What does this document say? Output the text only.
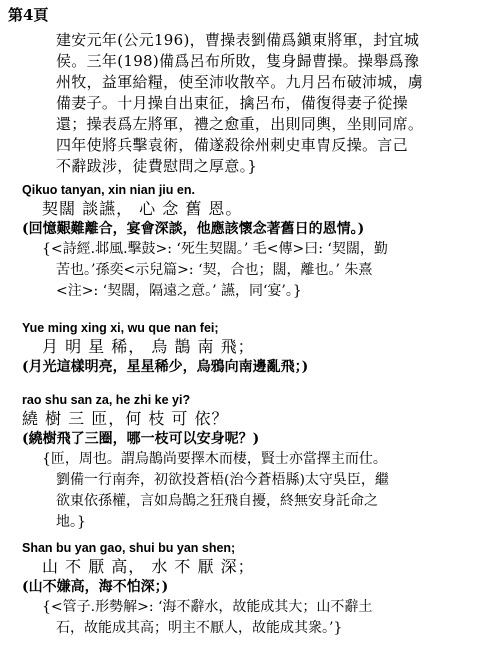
第4頁
建安元年(公元196)，曹操表劉備爲鎭東將軍，封宜城
侯。三年(198)備爲呂布所敗，隻身歸曹操。操舉爲豫
州牧，益軍給糧，使至沛收散卒。九月呂布破沛城，虜
備妻子。十月操自出東征，擒呂布，備復得妻子從操
還；操表爲左將軍，禮之愈重，出則同輿，坐則同席。
四年使將兵擊袁術，備遂殺徐州刺史車冑反操。言己
不辭跋涉，徒費慰問之厚意。}
Qikuo tanyan, xin nian jiu en.
契闊 談讌， 心 念 舊 恩。
(回憶艱難離合，宴會深談，他應該懷念著舊日的恩情。)
{<詩經.邶風.擊鼓>: ‘死生契闊。’ 毛<傳>曰: ‘契闊，勤
苦也。’孫奕<示兒篇>: ‘契，合也；闊，離也。’ 朱熹
<注>: ‘契闊，隔遠之意。’ 讌，同‘宴’。}
Yue ming xing xi, wu que nan fei;
月 明 星 稀， 烏 鵲 南 飛；
(月光這樣明亮，星星稀少，烏鴉向南邊亂飛；)
rao shu san za, he zhi ke yi?
繞 樹 三 匝，何 枝 可 依？
(繞樹飛了三圈，哪一枝可以安身呢？)
{匝，周也。謂烏鵲尚要擇木而棲，賢士亦當擇主而仕。
劉備一行南奔，初欲投蒼梧(治今蒼梧縣)太守吳臣，繼
欲東依孫權，言如烏鵲之狂飛自擾，終無安身託命之
地。}
Shan bu yan gao, shui bu yan shen;
山 不 厭 高， 水 不 厭 深；
(山不嫌高，海不怕深；)
{<管子.形勢解>: ‘海不辭水，故能成其大；山不辭土
石，故能成其高；明主不厭人，故能成其衆。’}
